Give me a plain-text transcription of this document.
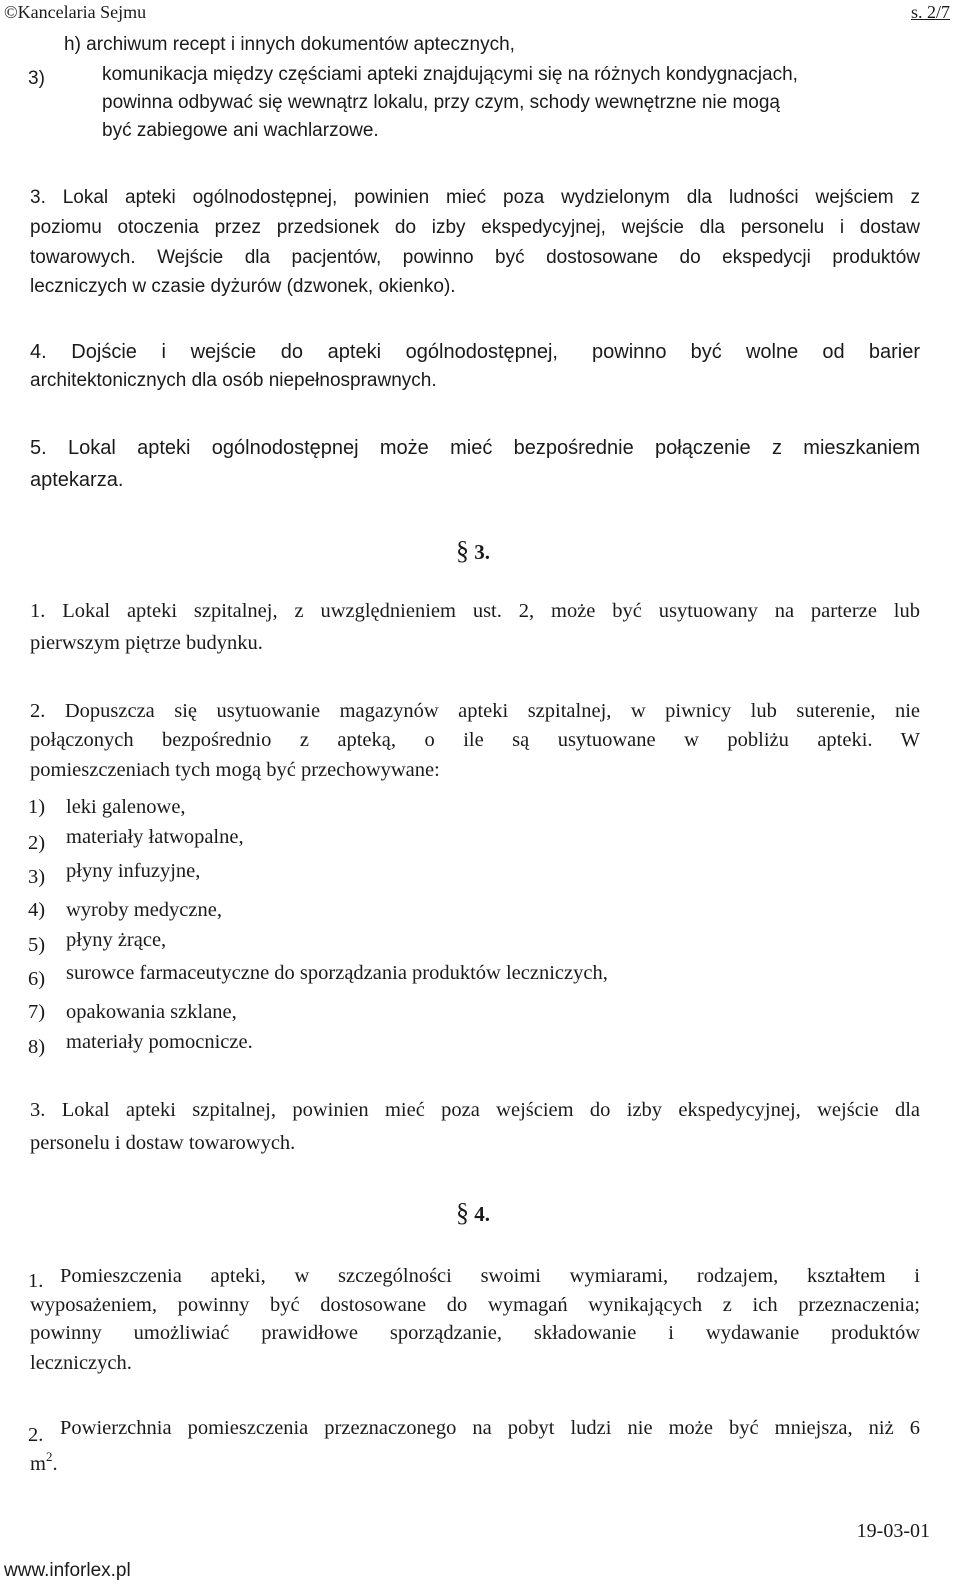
©Kancelaria Sejmu	s. 2/7
h) archiwum recept i innych dokumentów aptecznych,
3)	komunikacja między częściami apteki znajdującymi się na różnych kondygnacjach,
powinna odbywać się wewnątrz lokalu, przy czym, schody wewnętrzne nie mogą
być zabiegowe ani wachlarzowe.
3. Lokal apteki ogólnodostępnej, powinien mieć poza wydzielonym dla ludności wejściem z
poziomu otoczenia przez przedsionek do izby ekspedycyjnej, wejście dla personelu i dostaw
towarowych. Wejście dla pacjentów, powinno być dostosowane do ekspedycji produktów
leczniczych w czasie dyżurów (dzwonek, okienko).
4. Dojście i wejście do apteki ogólnodostępnej, powinno być wolne od barier
architektonicznych dla osób niepełnosprawnych.
5. Lokal apteki ogólnodostępnej może mieć bezpośrednie połączenie z mieszkaniem
aptekarza.
§ 3.
1. Lokal apteki szpitalnej, z uwzględnieniem ust. 2, może być usytuowany na parterze lub
pierwszym piętrze budynku.
2. Dopuszcza się usytuowanie magazynów apteki szpitalnej, w piwnicy lub suterenie, nie
połączonych bezpośrednio z apteką, o ile są usytuowane w pobliżu apteki. W
pomieszczeniach tych mogą być przechowywane:
1) leki galenowe,
2) materiały łatwopalne,
3) płyny infuzyjne,
4) wyroby medyczne,
5) płyny żrące,
6) surowce farmaceutyczne do sporządzania produktów leczniczych,
7) opakowania szklane,
8) materiały pomocnicze.
3. Lokal apteki szpitalnej, powinien mieć poza wejściem do izby ekspedycyjnej, wejście dla
personelu i dostaw towarowych.
§ 4.
1. Pomieszczenia apteki, w szczególności swoimi wymiarami, rodzajem, kształtem i
wyposażeniem, powinny być dostosowane do wymagań wynikających z ich przeznaczenia;
powinny umożliwiać prawidłowe sporządzanie, składowanie i wydawanie produktów
leczniczych.
2. Powierzchnia pomieszczenia przeznaczonego na pobyt ludzi nie może być mniejsza, niż 6
$m^2$.
19-03-01
www.inforlex.pl
